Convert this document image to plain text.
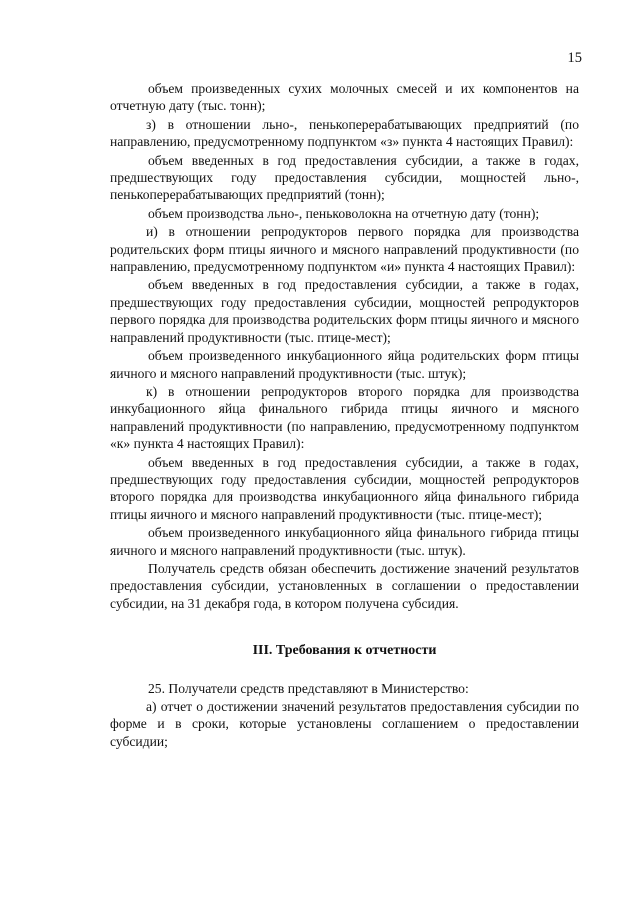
15

объем произведенных сухих молочных смесей и их компонентов на отчетную дату (тыс. тонн);

з) в отношении льно-, пенькоперерабатывающих предприятий (по направлению, предусмотренному подпунктом «з» пункта 4 настоящих Правил):

объем введенных в год предоставления субсидии, а также в годах, предшествующих году предоставления субсидии, мощностей льно-, пенькоперерабатывающих предприятий (тонн);

объем производства льно-, пеньковолокна на отчетную дату (тонн);

и) в отношении репродукторов первого порядка для производства родительских форм птицы яичного и мясного направлений продуктивности (по направлению, предусмотренному подпунктом «и» пункта 4 настоящих Правил):

объем введенных в год предоставления субсидии, а также в годах, предшествующих году предоставления субсидии, мощностей репродукторов первого порядка для производства родительских форм птицы яичного и мясного направлений продуктивности (тыс. птице-мест);

объем произведенного инкубационного яйца родительских форм птицы яичного и мясного направлений продуктивности (тыс. штук);

к) в отношении репродукторов второго порядка для производства инкубационного яйца финального гибрида птицы яичного и мясного направлений продуктивности (по направлению, предусмотренному подпунктом «к» пункта 4 настоящих Правил):

объем введенных в год предоставления субсидии, а также в годах, предшествующих году предоставления субсидии, мощностей репродукторов второго порядка для производства инкубационного яйца финального гибрида птицы яичного и мясного направлений продуктивности (тыс. птице-мест);

объем произведенного инкубационного яйца финального гибрида птицы яичного и мясного направлений продуктивности (тыс. штук).

Получатель средств обязан обеспечить достижение значений результатов предоставления субсидии, установленных в соглашении о предоставлении субсидии, на 31 декабря года, в котором получена субсидия.

III. Требования к отчетности

25. Получатели средств представляют в Министерство:

а) отчет о достижении значений результатов предоставления субсидии по форме и в сроки, которые установлены соглашением о предоставлении субсидии;
